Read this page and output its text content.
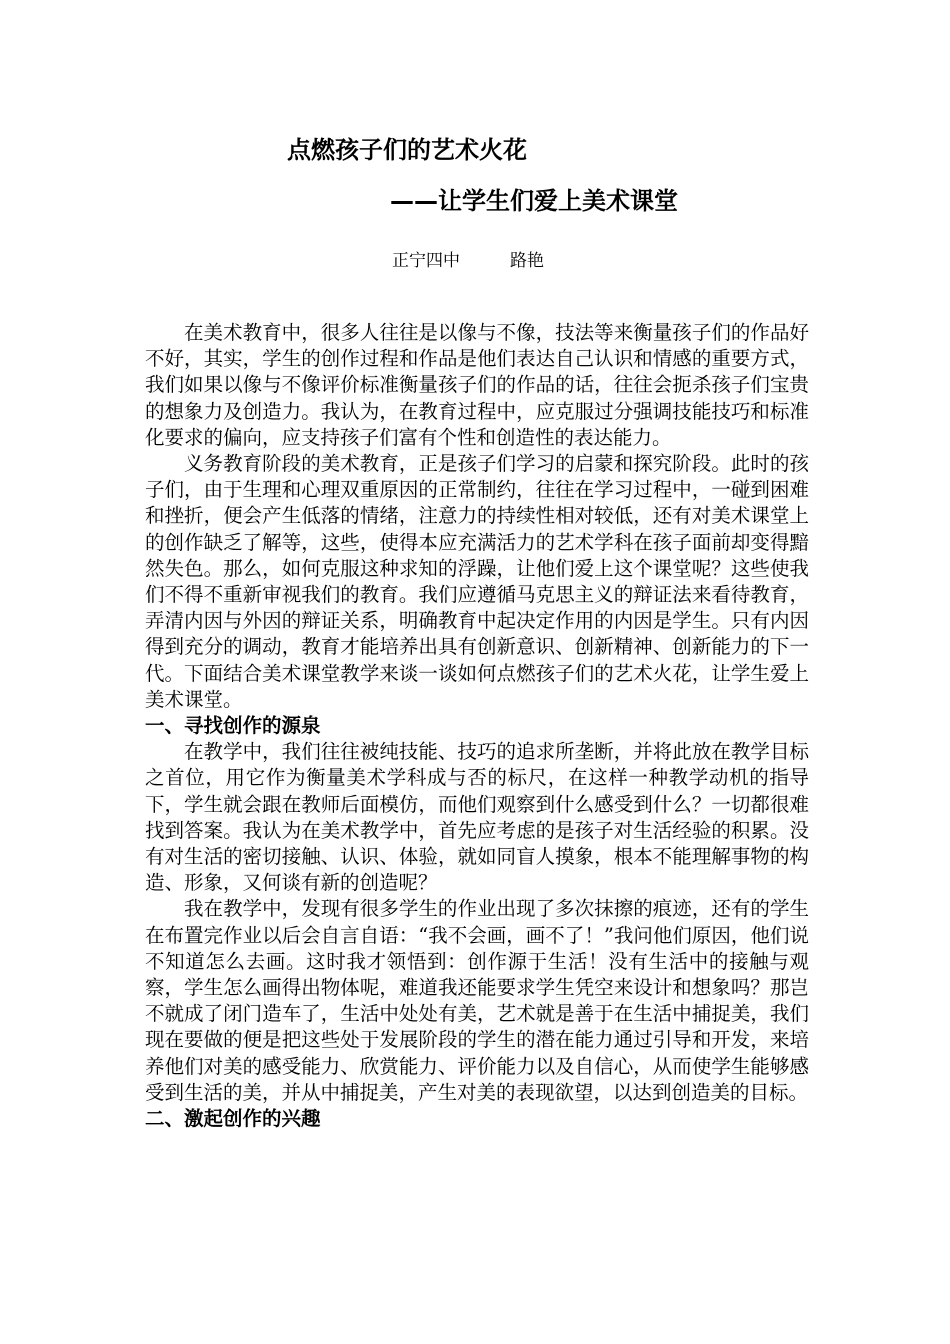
点燃孩子们的艺术火花
——让学生们爱上美术课堂
正宁四中	路艳

在美术教育中，很多人往往是以像与不像，技法等来衡量孩子们的作品好不好，其实，学生的创作过程和作品是他们表达自己认识和情感的重要方式，我们如果以像与不像评价标准衡量孩子们的作品的话，往往会扼杀孩子们宝贵的想象力及创造力。我认为，在教育过程中，应克服过分强调技能技巧和标准化要求的偏向，应支持孩子们富有个性和创造性的表达能力。

义务教育阶段的美术教育，正是孩子们学习的启蒙和探究阶段。此时的孩子们，由于生理和心理双重原因的正常制约，往往在学习过程中，一碰到困难和挫折，便会产生低落的情绪，注意力的持续性相对较低，还有对美术课堂上的创作缺乏了解等，这些，使得本应充满活力的艺术学科在孩子面前却变得黯然失色。那么，如何克服这种求知的浮躁，让他们爱上这个课堂呢？这些使我们不得不重新审视我们的教育。我们应遵循马克思主义的辩证法来看待教育，弄清内因与外因的辩证关系，明确教育中起决定作用的内因是学生。只有内因得到充分的调动，教育才能培养出具有创新意识、创新精神、创新能力的下一代。下面结合美术课堂教学来谈一谈如何点燃孩子们的艺术火花，让学生爱上美术课堂。

一、寻找创作的源泉

在教学中，我们往往被纯技能、技巧的追求所垄断，并将此放在教学目标之首位，用它作为衡量美术学科成与否的标尺，在这样一种教学动机的指导下，学生就会跟在教师后面模仿，而他们观察到什么感受到什么？一切都很难找到答案。我认为在美术教学中，首先应考虑的是孩子对生活经验的积累。没有对生活的密切接触、认识、体验，就如同盲人摸象，根本不能理解事物的构造、形象，又何谈有新的创造呢？

我在教学中，发现有很多学生的作业出现了多次抹擦的痕迹，还有的学生在布置完作业以后会自言自语：“我不会画，画不了！”我问他们原因，他们说不知道怎么去画。这时我才领悟到：创作源于生活！没有生活中的接触与观察，学生怎么画得出物体呢，难道我还能要求学生凭空来设计和想象吗？那岂不就成了闭门造车了，生活中处处有美，艺术就是善于在生活中捕捉美，我们现在要做的便是把这些处于发展阶段的学生的潜在能力通过引导和开发，来培养他们对美的感受能力、欣赏能力、评价能力以及自信心，从而使学生能够感受到生活的美，并从中捕捉美，产生对美的表现欲望，以达到创造美的目标。

二、激起创作的兴趣
